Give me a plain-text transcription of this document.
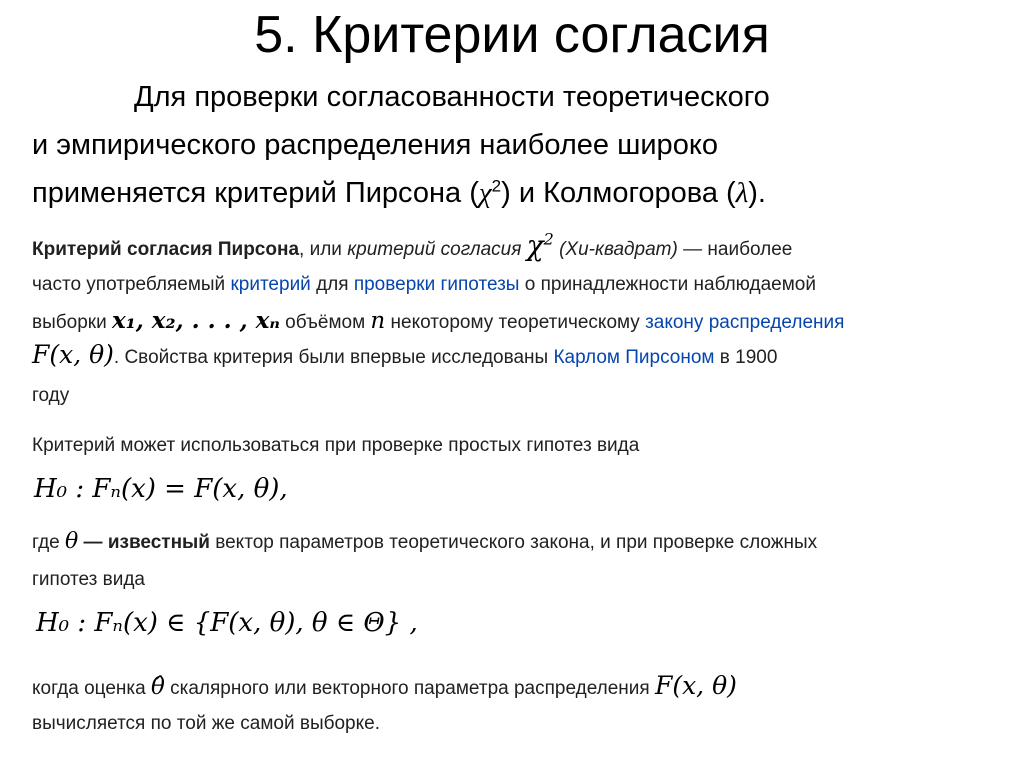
5. Критерии согласия
Для проверки согласованности теоретического
и эмпирического распределения наиболее широко
применяется критерий Пирсона $(\chi^2)$ и Колмогорова (λ).
Критерий согласия Пирсона, или критерий согласия $\chi^2$ (Хи-квадрат) — наиболее
часто употребляемый критерий для проверки гипотезы о принадлежности наблюдаемой
выборки x₁, x₂, . . . , xₙ объёмом n некоторому теоретическому закону распределения
F(x, θ). Свойства критерия были впервые исследованы Карлом Пирсоном в 1900
году
Критерий может использоваться при проверке простых гипотез вида
H₀ : Fₙ(x) = F(x, θ),
где θ — известный вектор параметров теоретического закона, и при проверке сложных
гипотез вида
H₀ : Fₙ(x) ∈ {F(x, θ), θ ∈ Θ} ,
когда оценка θ̂ скалярного или векторного параметра распределения F(x, θ)
вычисляется по той же самой выборке.
